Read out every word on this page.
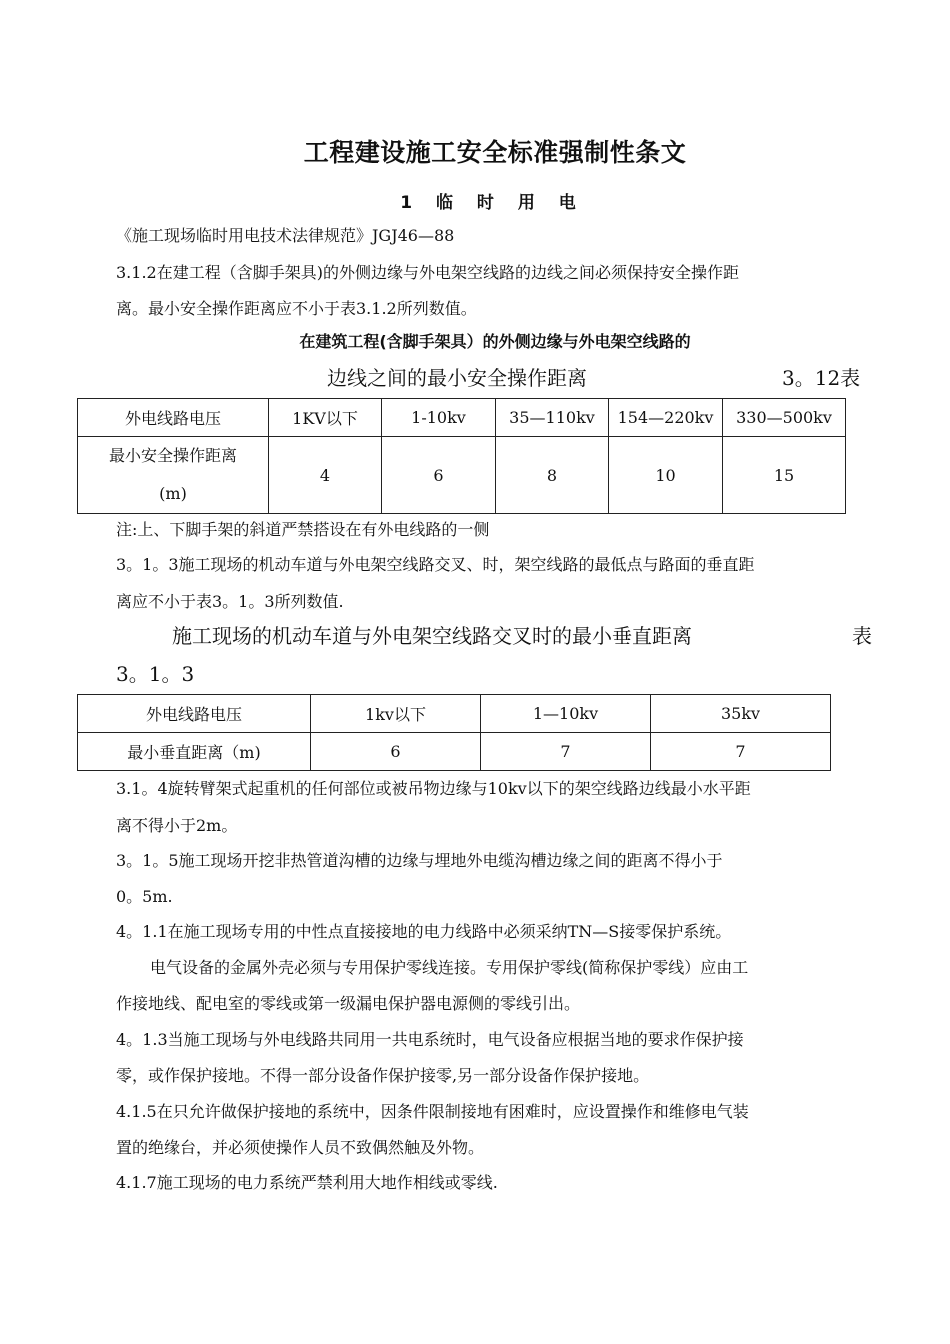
工程建设施工安全标准强制性条文
1 临 时 用 电
《施工现场临时用电技术法律规范》JGJ46—88
3.1.2在建工程（含脚手架具)的外侧边缘与外电架空线路的边线之间必须保持安全操作距
离。最小安全操作距离应不小于表3.1.2所列数值。
在建筑工程(含脚手架具）的外侧边缘与外电架空线路的
边线之间的最小安全操作距离	3。12表
外电线路电压	1KV以下	1-10kv	35—110kv	154—220kv	330—500kv

最小安全操作距离
(m)	4	6	8	10	15
注:上、下脚手架的斜道严禁搭设在有外电线路的一侧
3。1。3施工现场的机动车道与外电架空线路交叉、时，架空线路的最低点与路面的垂直距
离应不小于表3。1。3所列数值.
施工现场的机动车道与外电架空线路交叉时的最小垂直距离	表
3。1。3
外电线路电压	1kv以下	1—10kv	35kv
最小垂直距离（m)	6	7	7
3.1。4旋转臂架式起重机的任何部位或被吊物边缘与10kv以下的架空线路边线最小水平距
离不得小于2m。
3。1。5施工现场开挖非热管道沟槽的边缘与埋地外电缆沟槽边缘之间的距离不得小于
0。5m.
4。1.1在施工现场专用的中性点直接接地的电力线路中必须采纳TN—S接零保护系统。
电气设备的金属外壳必须与专用保护零线连接。专用保护零线(简称保护零线）应由工
作接地线、配电室的零线或第一级漏电保护器电源侧的零线引出。
4。1.3当施工现场与外电线路共同用一共电系统时，电气设备应根据当地的要求作保护接
零，或作保护接地。不得一部分设备作保护接零,另一部分设备作保护接地。
4.1.5在只允许做保护接地的系统中，因条件限制接地有困难时，应设置操作和维修电气装
置的绝缘台，并必须使操作人员不致偶然触及外物。
4.1.7施工现场的电力系统严禁利用大地作相线或零线.
